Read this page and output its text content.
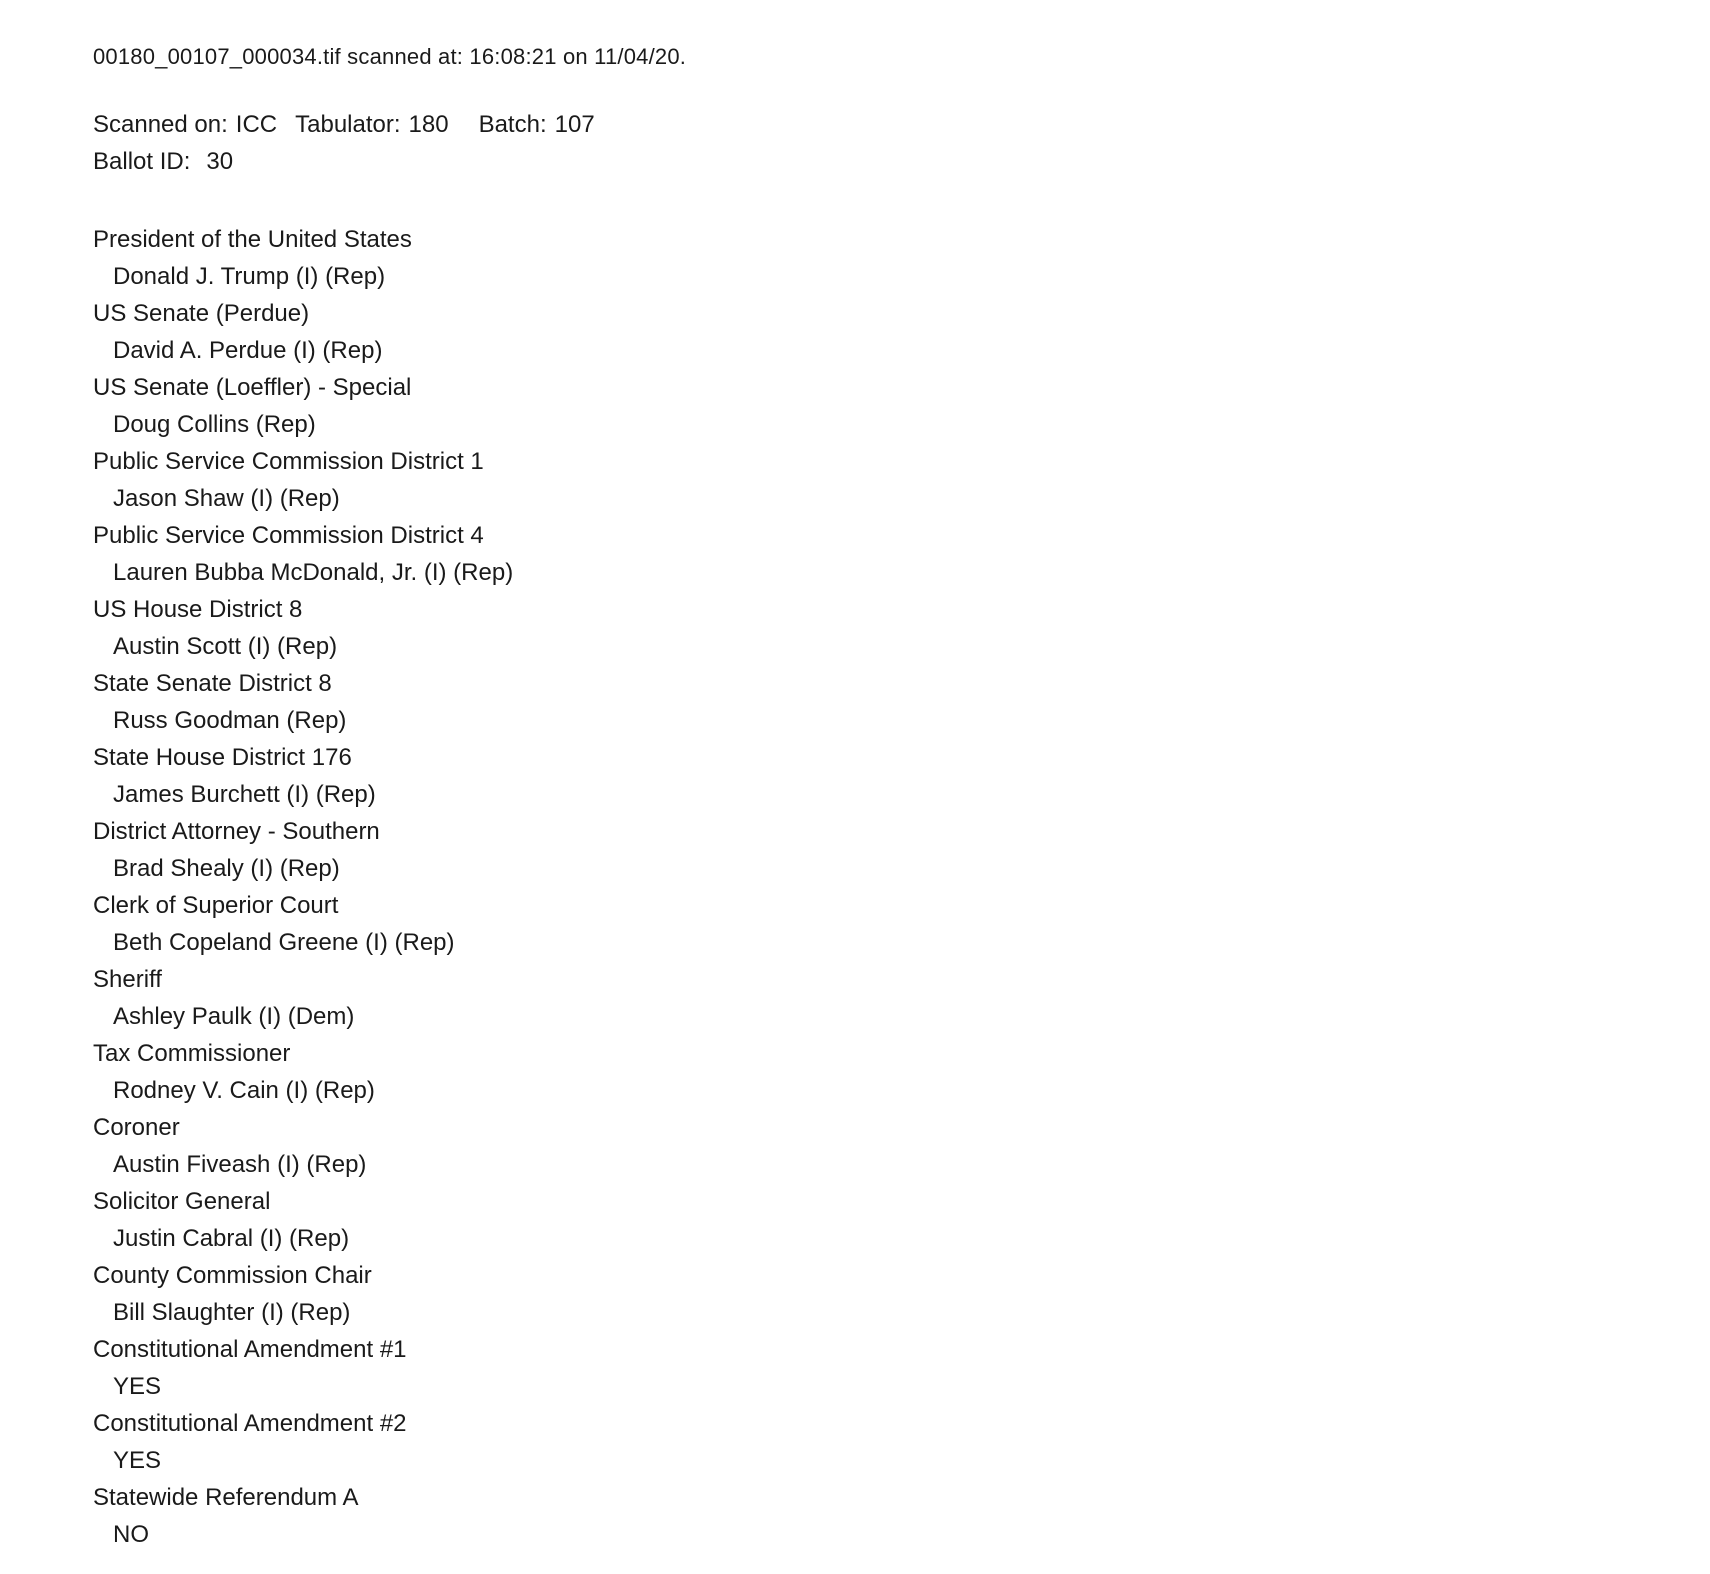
00180_00107_000034.tif scanned at: 16:08:21 on 11/04/20.
Scanned on: ICC Tabulator: 180 Batch: 107
Ballot ID: 30
President of the United States
Donald J. Trump (I) (Rep)
US Senate (Perdue)
David A. Perdue (I) (Rep)
US Senate (Loeffler) - Special
Doug Collins (Rep)
Public Service Commission District 1
Jason Shaw (I) (Rep)
Public Service Commission District 4
Lauren Bubba McDonald, Jr. (I) (Rep)
US House District 8
Austin Scott (I) (Rep)
State Senate District 8
Russ Goodman (Rep)
State House District 176
James Burchett (I) (Rep)
District Attorney - Southern
Brad Shealy (I) (Rep)
Clerk of Superior Court
Beth Copeland Greene (I) (Rep)
Sheriff
Ashley Paulk (I) (Dem)
Tax Commissioner
Rodney V. Cain (I) (Rep)
Coroner
Austin Fiveash (I) (Rep)
Solicitor General
Justin Cabral (I) (Rep)
County Commission Chair
Bill Slaughter (I) (Rep)
Constitutional Amendment #1
YES
Constitutional Amendment #2
YES
Statewide Referendum A
NO
